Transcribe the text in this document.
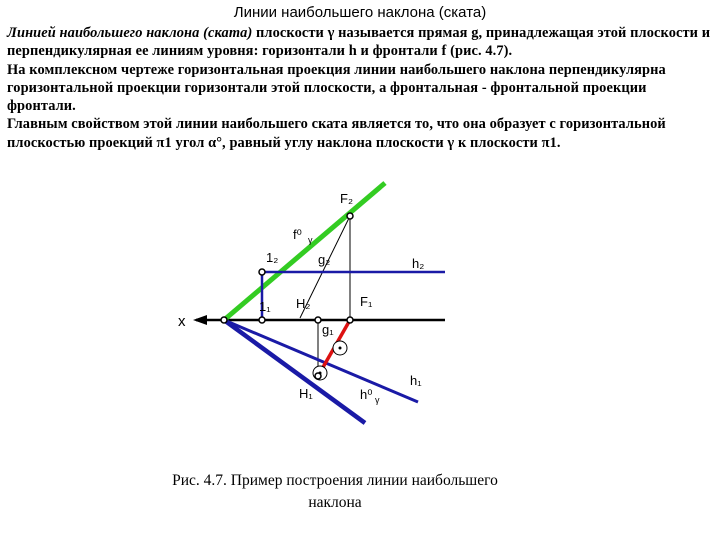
Линии наибольшего наклона (ската)

Линией наибольшего наклона (ската) плоскости γ называется прямая g, принадлежащая этой плоскости и перпендикулярная ее линиям уровня: горизонтали h и фронтали f (рис. 4.7).

На комплексном чертеже горизонтальная проекция линии наибольшего наклона перпендикулярна горизонтальной проекции горизонтали этой плоскости, а фронтальная - фронтальной проекции фронтали.

Главным свойством этой линии наибольшего ската является то, что она образует с горизонтальной плоскостью проекций π1 угол α°, равный углу наклона плоскости γ к плоскости π1.

x
F₂
f⁰ γ
1₂	g₂	h₂
1₁ H₂	F₁
g₁
h₁
H₁	h⁰ γ
Рис. 4.7. Пример построения линии наибольшего
наклона
